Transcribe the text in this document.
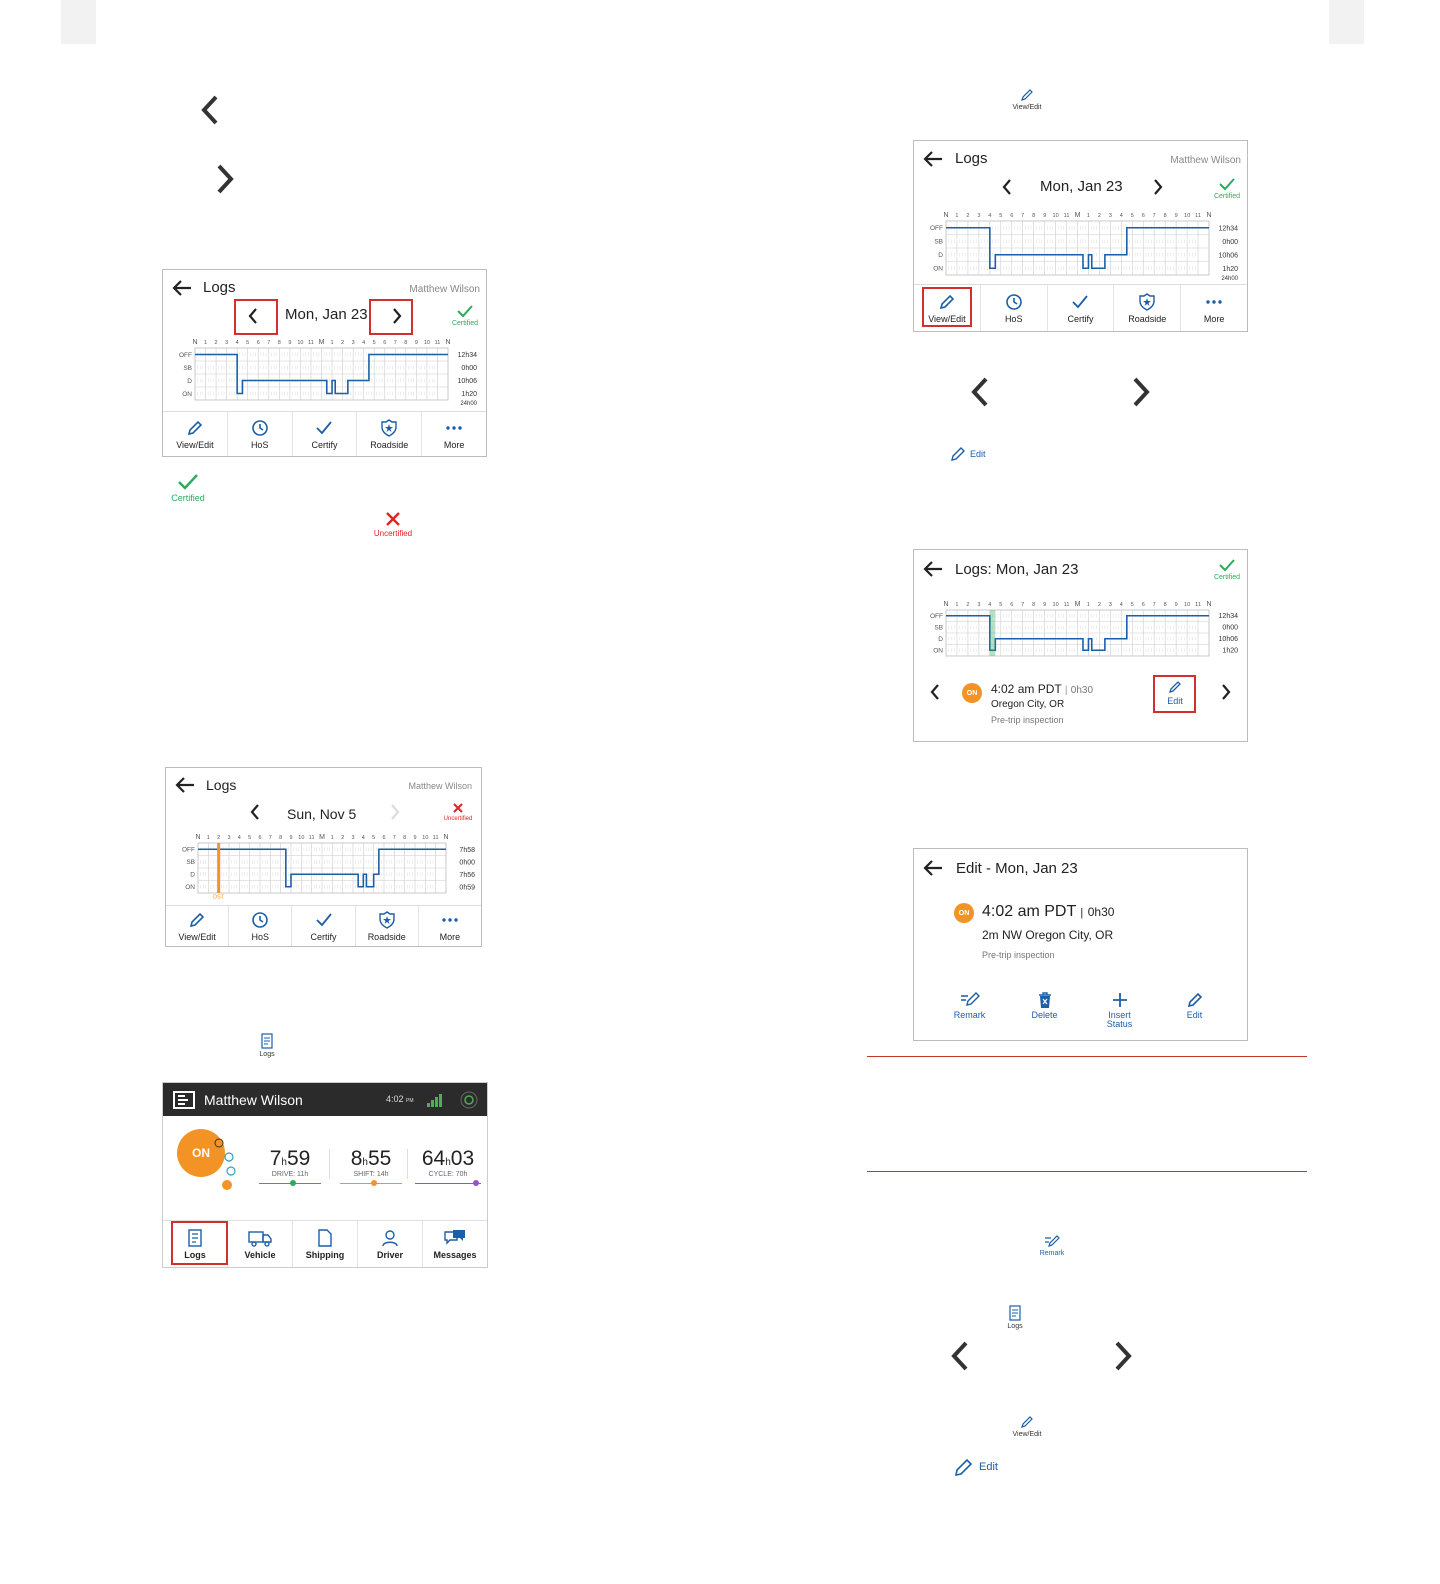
Logs	Matthew Wilson
Mon, Jan 23
Certified
N 1 2 3 4 5 6 7 8 9 10 11 M 1 2 3 4 5 6 7 8 9 10 11 N
OFF
SB
D
ON
12h34
0h00
10h06
1h20
24h00
View/Edit	HoS	Certify	Roadside	More
Certified
Uncertified
Logs	Matthew Wilson
Sun, Nov 5	Uncertified
N 1 2 3 4 5 6 7 8 9 10 11 M 1 2 3 4 5 6 7 8 9 10 11 N
OFF
SB
D
ON
7h58
0h00
7h56
0h59
DST
View/Edit	HoS	Certify	Roadside	More
Logs
Matthew Wilson	4:02 PM
ON	7h59
DRIVE: 11h
8h55
SHIFT: 14h
64h03
CYCLE: 70h
Logs	Vehicle	Shipping	Driver	Messages
View/Edit
Logs	Matthew Wilson
Mon, Jan 23
Certified
N 1 2 3 4 5 6 7 8 9 10 11 M 1 2 3 4 5 6 7 8 9 10 11 N
OFF
SB
D
ON
12h34
0h00
10h06
1h20
24h00
View/Edit	HoS	Certify	Roadside	More
Edit
Logs: Mon, Jan 23	Certified
N 1 2 3 4 5 6 7 8 9 10 11 M 1 2 3 4 5 6 7 8 9 10 11 N
OFF
SB
D
ON
12h34
0h00
10h06
1h20
ON 4:02 am PDT | 0h30
Oregon City, OR
Pre-trip inspection
Edit
Edit - Mon, Jan 23
ON 4:02 am PDT | 0h30
2m NW Oregon City, OR
Pre-trip inspection
Remark	Delete	Insert Status
Edit
Remark
Logs
View/Edit
Edit
